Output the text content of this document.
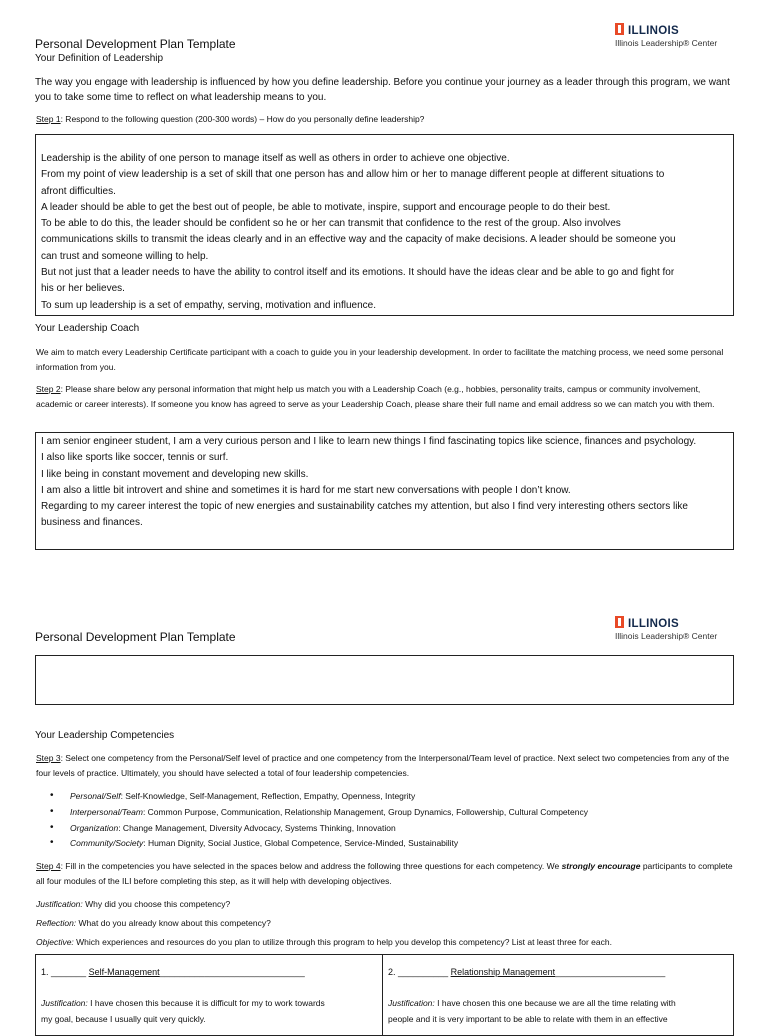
ILLINOIS
Illinois Leadership® Center
Personal Development Plan Template
Your Definition of Leadership
The way you engage with leadership is influenced by how you define leadership. Before you continue your journey as a leader through this program, we want you to take some time to reflect on what leadership means to you.
Step 1: Respond to the following question (200-300 words) – How do you personally define leadership?
Leadership is the ability of one person to manage itself as well as others in order to achieve one objective.
From my point of view leadership is a set of skill that one person has and allow him or her to manage different people at different situations to
afront difficulties.
A leader should be able to get the best out of people, be able to motivate, inspire, support and encourage people to do their best.
To be able to do this, the leader should be confident so he or her can transmit that confidence to the rest of the group. Also involves
communications skills to transmit the ideas clearly and in an effective way and the capacity of make decisions. A leader should be someone you
can trust and someone willing to help.
But not just that a leader needs to have the ability to control itself and its emotions. It should have the ideas clear and be able to go and fight for
his or her believes.
To sum up leadership is a set of empathy, serving, motivation and influence.
Your Leadership Coach
We aim to match every Leadership Certificate participant with a coach to guide you in your leadership development. In order to facilitate the matching process, we need some personal information from you.
Step 2: Please share below any personal information that might help us match you with a Leadership Coach (e.g., hobbies, personality traits, campus or community involvement, academic or career interests). If someone you know has agreed to serve as your Leadership Coach, please share their full name and email address so we can match you with them.
I am senior engineer student, I am a very curious person and I like to learn new things I find fascinating topics like science, finances and psychology.
I also like sports like soccer, tennis or surf.
I like being in constant movement and developing new skills.
I am also a little bit introvert and shine and sometimes it is hard for me start new conversations with people I don’t know.
Regarding to my career interest the topic of new energies and sustainability catches my attention, but also I find very interesting others sectors like
business and finances.
ILLINOIS
Illinois Leadership® Center
Personal Development Plan Template
Your Leadership Competencies
Step 3: Select one competency from the Personal/Self level of practice and one competency from the Interpersonal/Team level of practice. Next select two competencies from any of the four levels of practice. Ultimately, you should have selected a total of four leadership competencies.
• Personal/Self: Self-Knowledge, Self-Management, Reflection, Empathy, Openness, Integrity
• Interpersonal/Team: Common Purpose, Communication, Relationship Management, Group Dynamics, Followership, Cultural Competency
• Organization: Change Management, Diversity Advocacy, Systems Thinking, Innovation
• Community/Society: Human Dignity, Social Justice, Global Competence, Service-Minded, Sustainability
Step 4: Fill in the competencies you have selected in the spaces below and address the following three questions for each competency. We strongly encourage participants to complete all four modules of the ILI before completing this step, as it will help with developing objectives.
Justification: Why did you choose this competency?
Reflection: What do you already know about this competency?
Objective: Which experiences and resources do you plan to utilize through this program to help you develop this competency? List at least three for each.
1. _______ Self-Management_____________________________
Justification: I have chosen this because it is difficult for my to work towards
my goal, because I usually quit very quickly.
2. __________ Relationship Management______________________
Justification: I have chosen this one because we are all the time relating with
people and it is very important to be able to relate with them in an effective
